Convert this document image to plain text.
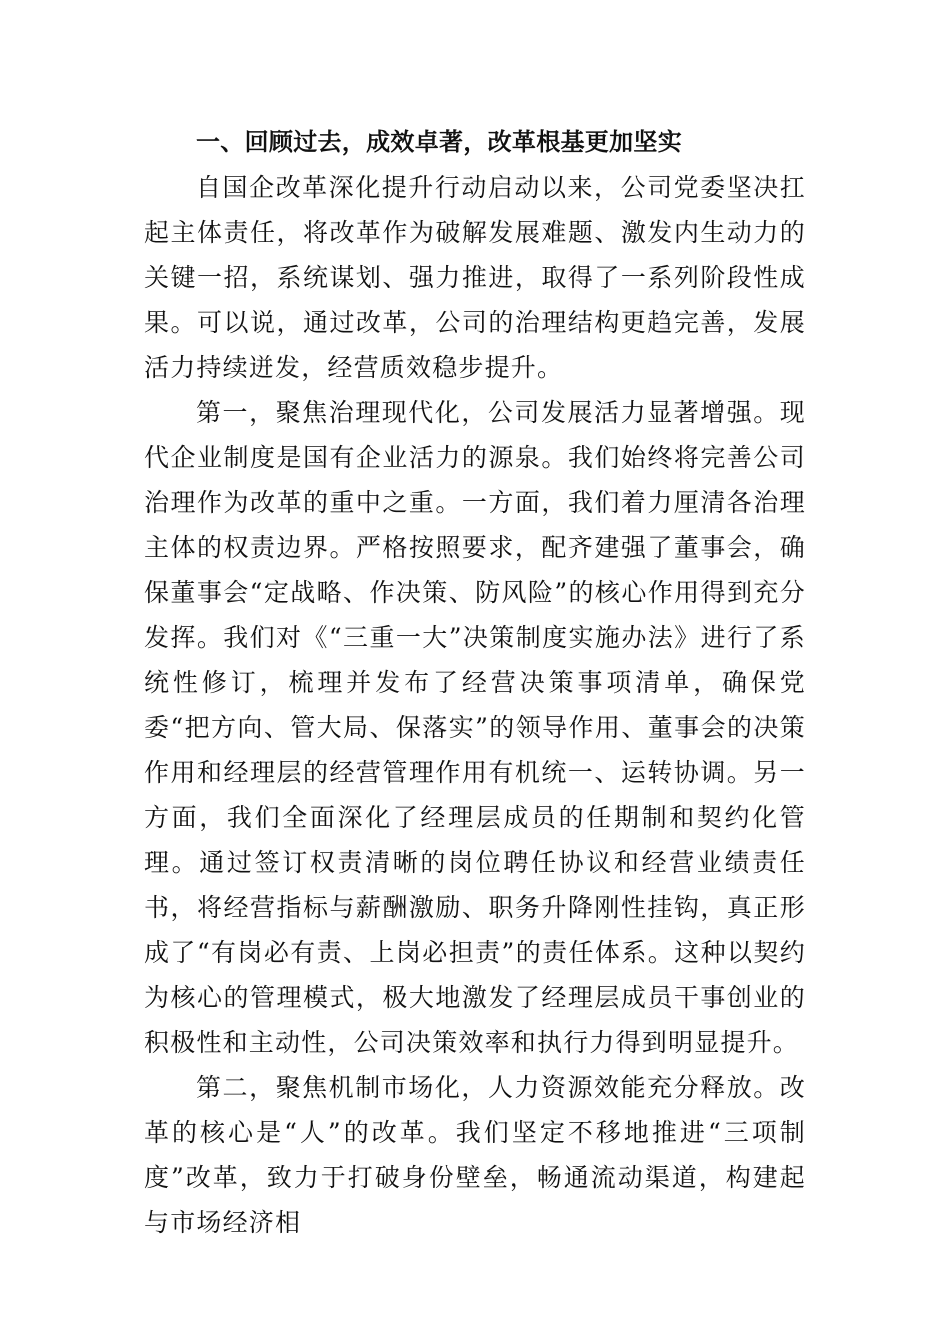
一、回顾过去，成效卓著，改革根基更加坚实

自国企改革深化提升行动启动以来，公司党委坚决扛起主体责任，将改革作为破解发展难题、激发内生动力的关键一招，系统谋划、强力推进，取得了一系列阶段性成果。可以说，通过改革，公司的治理结构更趋完善，发展活力持续迸发，经营质效稳步提升。

第一，聚焦治理现代化，公司发展活力显著增强。现代企业制度是国有企业活力的源泉。我们始终将完善公司治理作为改革的重中之重。一方面，我们着力厘清各治理主体的权责边界。严格按照要求，配齐建强了董事会，确保董事会“定战略、作决策、防风险”的核心作用得到充分发挥。我们对《“三重一大”决策制度实施办法》进行了系统性修订，梳理并发布了经营决策事项清单，确保党委“把方向、管大局、保落实”的领导作用、董事会的决策作用和经理层的经营管理作用有机统一、运转协调。另一方面，我们全面深化了经理层成员的任期制和契约化管理。通过签订权责清晰的岗位聘任协议和经营业绩责任书，将经营指标与薪酬激励、职务升降刚性挂钩，真正形成了“有岗必有责、上岗必担责”的责任体系。这种以契约为核心的管理模式，极大地激发了经理层成员干事创业的积极性和主动性，公司决策效率和执行力得到明显提升。

第二，聚焦机制市场化，人力资源效能充分释放。改革的核心是“人”的改革。我们坚定不移地推进“三项制度”改革，致力于打破身份壁垒，畅通流动渠道，构建起与市场经济相
